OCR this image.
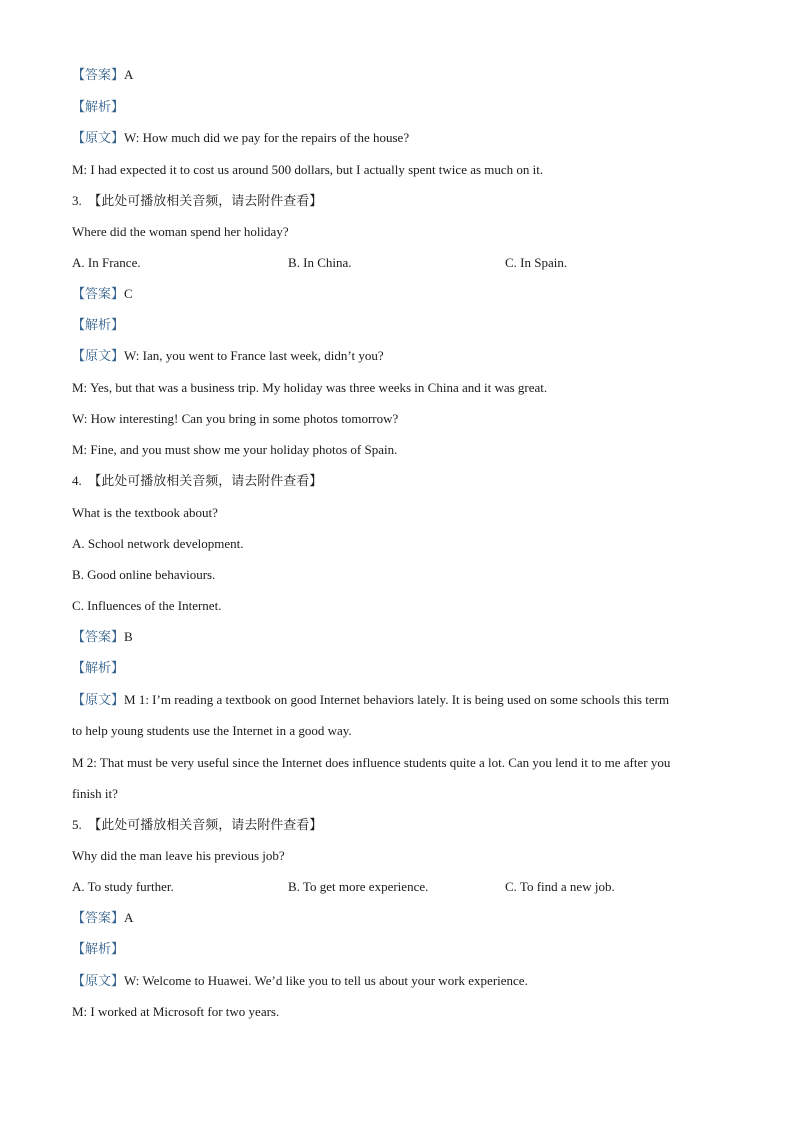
【答案】A
【解析】
【原文】W: How much did we pay for the repairs of the house?
M: I had expected it to cost us around 500 dollars, but I actually spent twice as much on it.
3. 【此处可播放相关音频，请去附件查看】
Where did the woman spend her holiday?
A. In France.	B. In China.	C. In Spain.
【答案】C
【解析】
【原文】W: Ian, you went to France last week, didn’t you?
M: Yes, but that was a business trip. My holiday was three weeks in China and it was great.
W: How interesting! Can you bring in some photos tomorrow?
M: Fine, and you must show me your holiday photos of Spain.
4. 【此处可播放相关音频，请去附件查看】
What is the textbook about?
A. School network development.
B. Good online behaviours.
C. Influences of the Internet.
【答案】B
【解析】
【原文】M 1: I’m reading a textbook on good Internet behaviors lately. It is being used on some schools this term
to help young students use the Internet in a good way.
M 2: That must be very useful since the Internet does influence students quite a lot. Can you lend it to me after you
finish it?
5. 【此处可播放相关音频，请去附件查看】
Why did the man leave his previous job?
A. To study further.	B. To get more experience.	C. To find a new job.
【答案】A
【解析】
【原文】W: Welcome to Huawei. We’d like you to tell us about your work experience.
M: I worked at Microsoft for two years.
